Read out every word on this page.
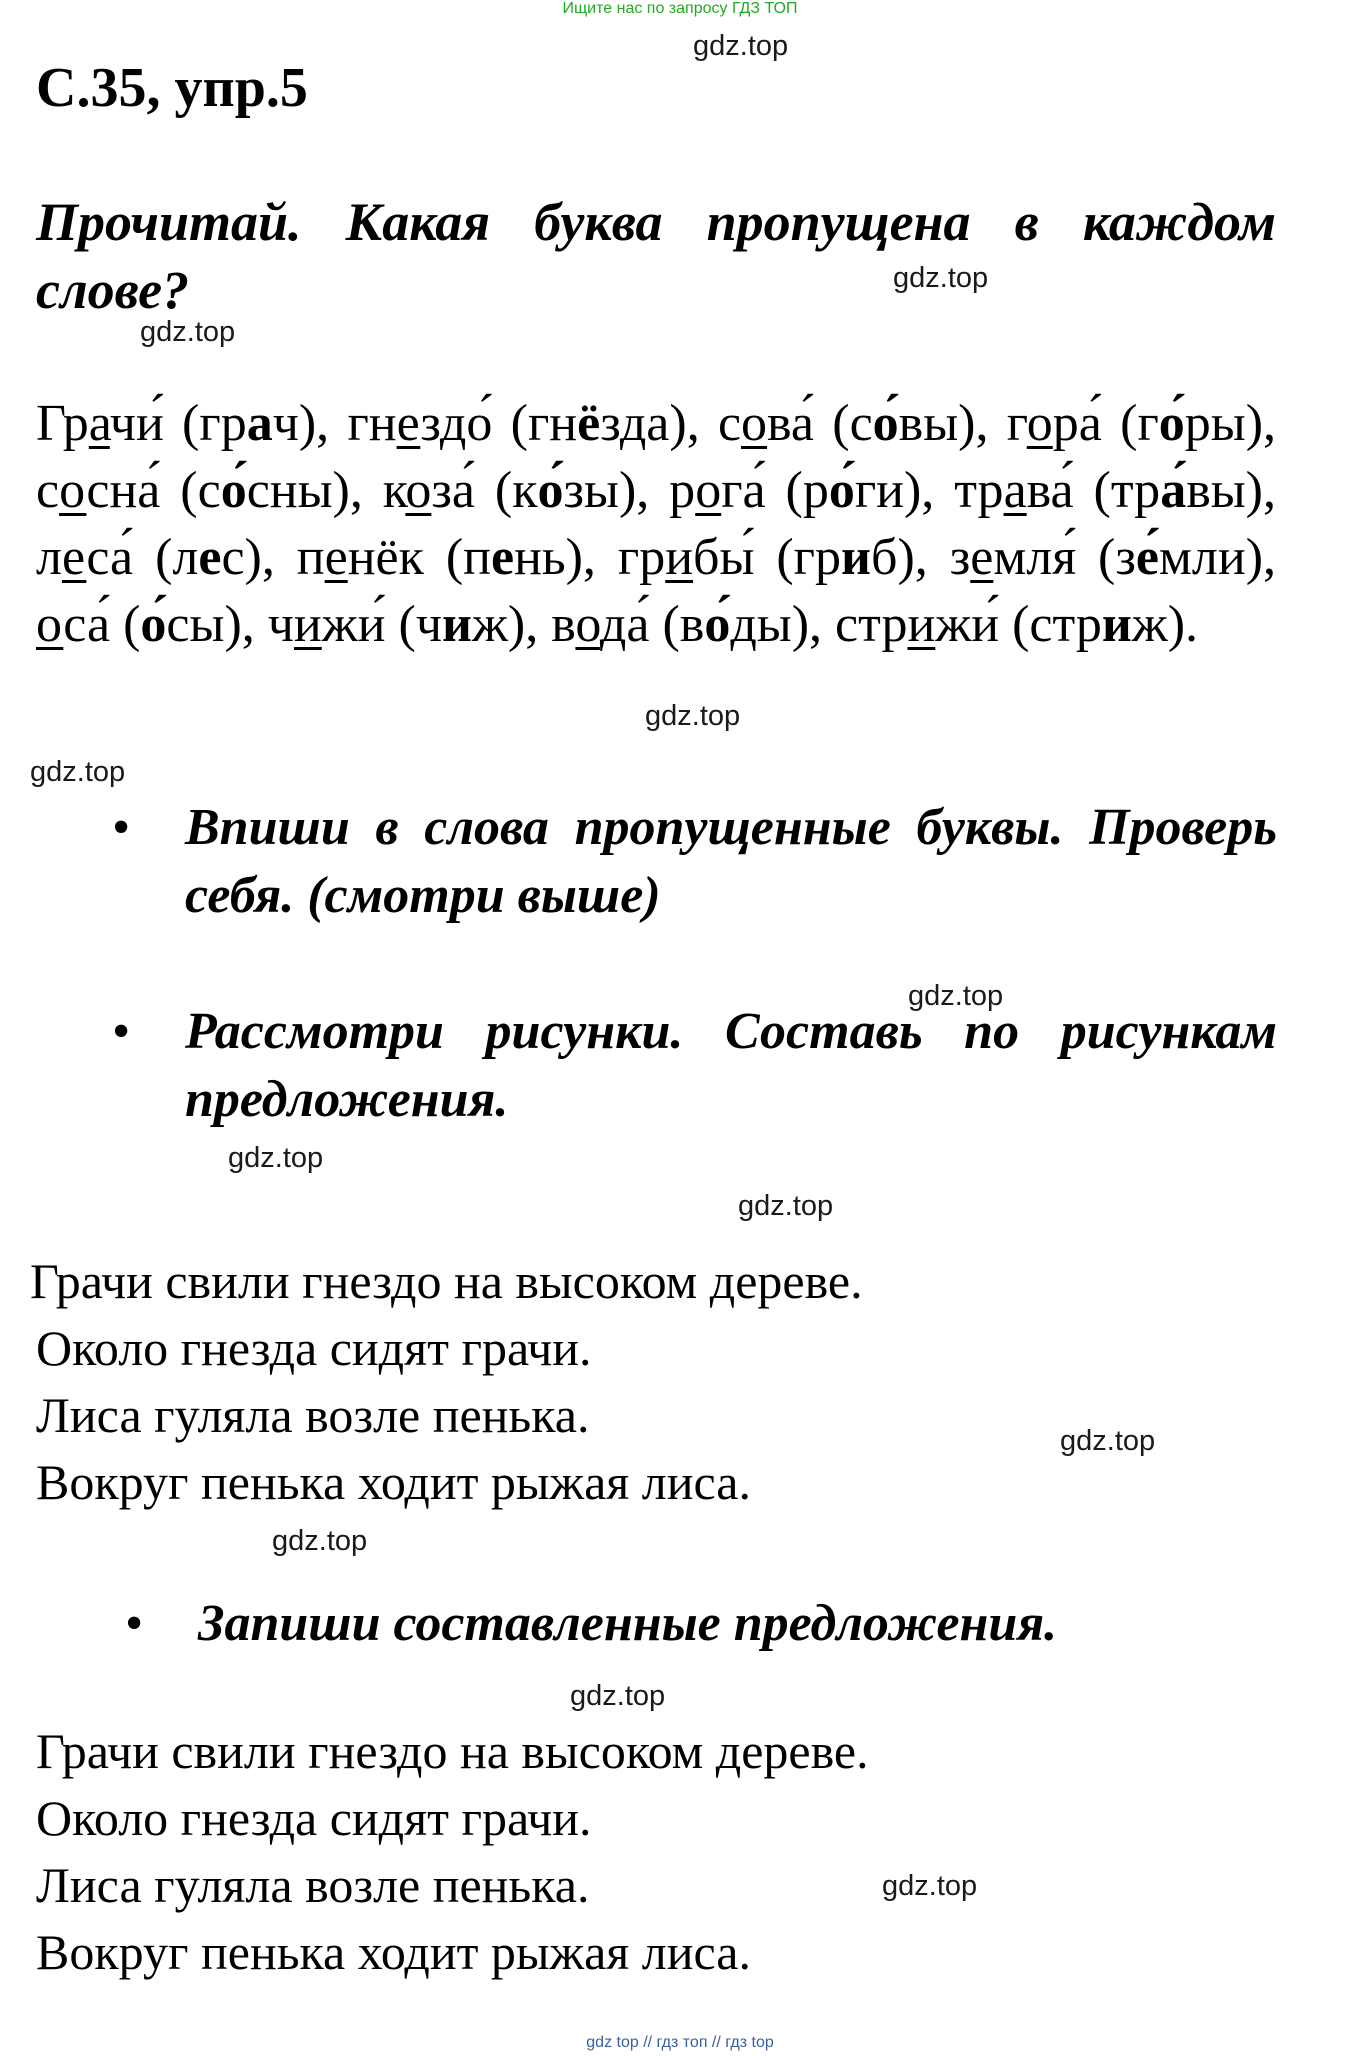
Ищите нас по запросу ГДЗ ТОП
С.35, упр.5
Прочитай. Какая буква пропущена в каждом слове?
Грачи́ (грач), гнездо́ (гнёзда), сова́ (со́вы), гора́ (го́ры), сосна́ (со́сны), коза́ (ко́зы), рога́ (ро́ги), трава́ (тра́вы), леса́ (лес), пенёк (пень), грибы́ (гриб), земля́ (зе́мли), оса́ (о́сы), чижи́ (чиж), вода́ (во́ды), стрижи́ (стриж).
• Впиши в слова пропущенные буквы. Проверь себя. (смотри выше)
• Рассмотри рисунки. Составь по рисункам предложения.
Грачи свили гнездо на высоком дереве.
Около гнезда сидят грачи.
Лиса гуляла возле пенька.
Вокруг пенька ходит рыжая лиса.
• Запиши составленные предложения.
Грачи свили гнездо на высоком дереве.
Около гнезда сидят грачи.
Лиса гуляла возле пенька.
Вокруг пенька ходит рыжая лиса.
gdz.top
gdz.top
gdz.top
gdz.top
gdz.top
gdz.top
gdz.top
gdz.top
gdz.top
gdz.top
gdz.top
gdz.top
gdz top // гдз топ // гдз top
